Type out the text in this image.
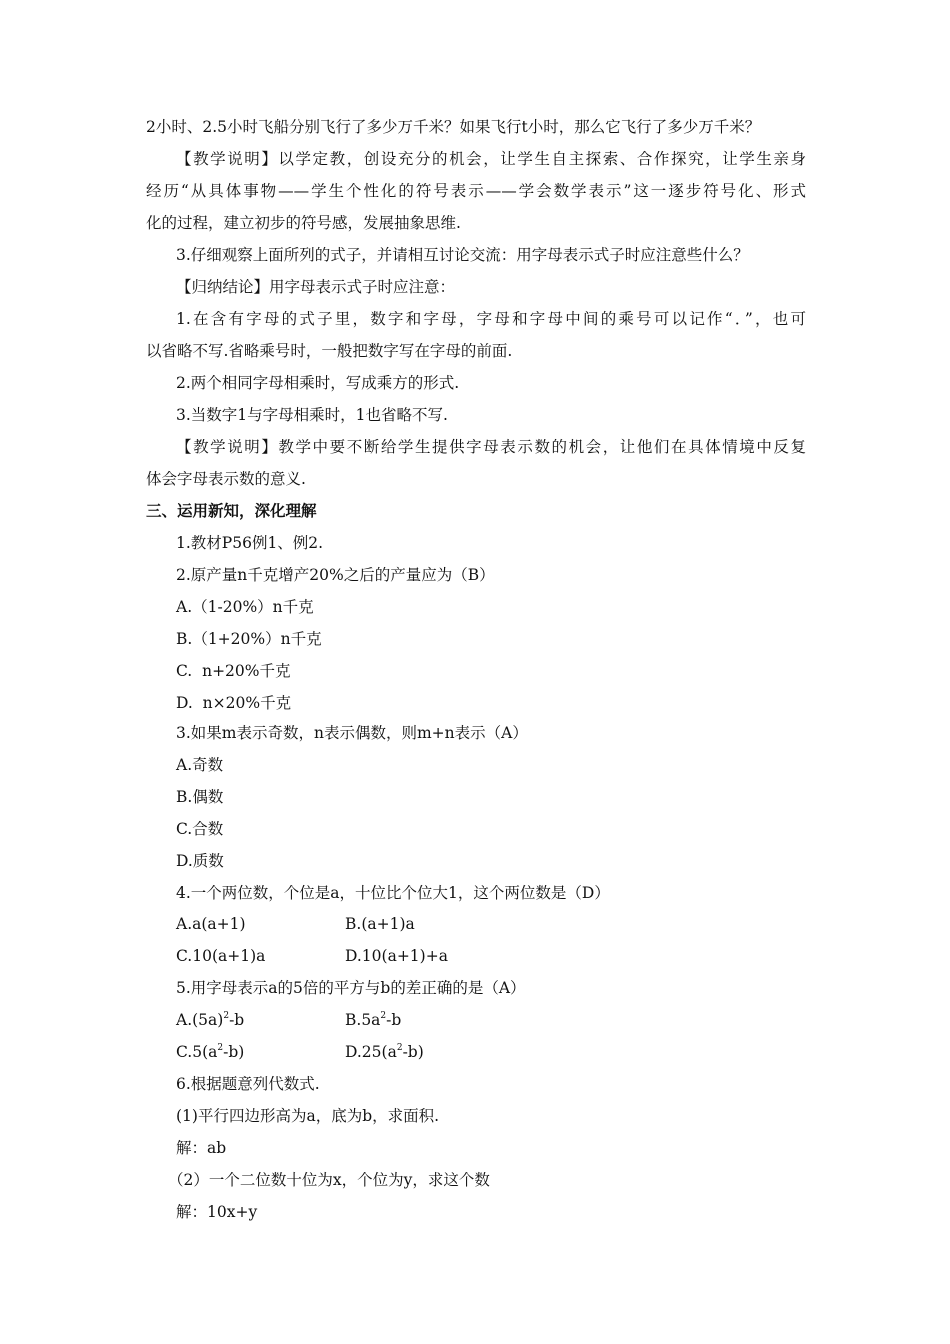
2小时、2.5小时飞船分别飞行了多少万千米？如果飞行t小时，那么它飞行了多少万千米？
【教学说明】以学定教，创设充分的机会，让学生自主探索、合作探究，让学生亲身
经历“从具体事物——学生个性化的符号表示——学会数学表示”这一逐步符号化、形式
化的过程，建立初步的符号感，发展抽象思维.
3.仔细观察上面所列的式子，并请相互讨论交流：用字母表示式子时应注意些什么？
【归纳结论】用字母表示式子时应注意：
1.在含有字母的式子里，数字和字母，字母和字母中间的乘号可以记作“．”，也可
以省略不写.省略乘号时，一般把数字写在字母的前面.
2.两个相同字母相乘时，写成乘方的形式.
3.当数字1与字母相乘时，1也省略不写.
【教学说明】教学中要不断给学生提供字母表示数的机会，让他们在具体情境中反复
体会字母表示数的意义.
三、运用新知，深化理解
1.教材P56例1、例2.
2.原产量n千克增产20%之后的产量应为（B）
A.（1-20%）n千克
B.（1+20%）n千克
C.  n+20%千克
D.  n×20%千克
3.如果m表示奇数，n表示偶数，则m+n表示（A）
A.奇数
B.偶数
C.合数
D.质数
4.一个两位数，个位是a，十位比个位大1，这个两位数是（D）
A.a(a+1)	B.(a+1)a
C.10(a+1)a	D.10(a+1)+a
5.用字母表示a的5倍的平方与b的差正确的是（A）
$A.(5a)^2-b$	$B.5a^2-b$
$C.5(a^2-b)$	$D.25(a^2-b)$
6.根据题意列代数式.
(1)平行四边形高为a，底为b，求面积.
解：ab
（2）一个二位数十位为x，个位为y，求这个数
解：10x+y
